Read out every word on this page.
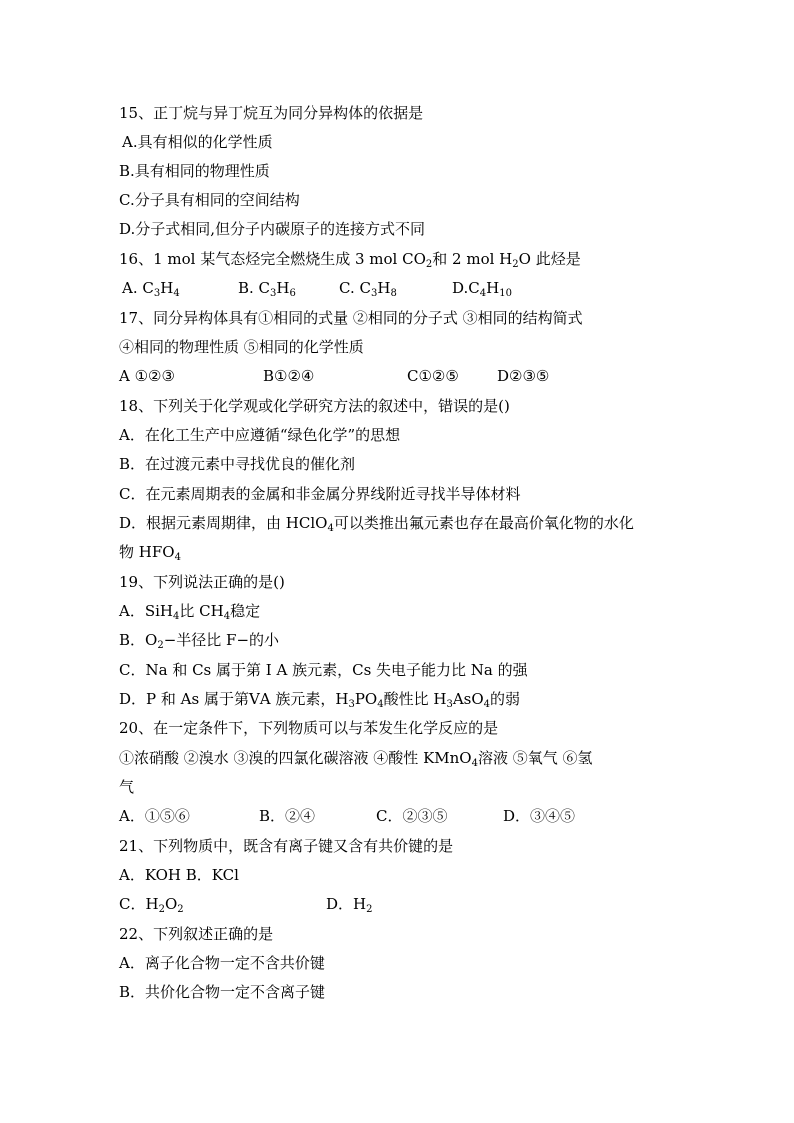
15、正丁烷与异丁烷互为同分异构体的依据是
A.具有相似的化学性质
B.具有相同的物理性质
C.分子具有相同的空间结构
D.分子式相同,但分子内碳原子的连接方式不同
16、1 mol 某气态烃完全燃烧生成 3 mol $CO_2$和 2 mol $H_2O$ 此烃是
A. $C_3H_4$	B. $C_3H_6$	C. $C_3H_8$	$D.C_4H_{10}$
17、同分异构体具有①相同的式量 ②相同的分子式 ③相同的结构简式
④相同的物理性质 ⑤相同的化学性质
A ①②③	B①②④	C①②⑤	D②③⑤
18、下列关于化学观或化学研究方法的叙述中，错误的是()
A．在化工生产中应遵循“绿色化学”的思想
B．在过渡元素中寻找优良的催化剂
C．在元素周期表的金属和非金属分界线附近寻找半导体材料
D．根据元素周期律，由 HClO$_4$可以类推出氟元素也存在最高价氧化物的水化
物 $HFO_4$
19、下列说法正确的是()
A．SiH$_4$比 $CH_4$稳定
B．$O_2-$半径比 F−的小
C．Na 和 Cs 属于第 I A 族元素，Cs 失电子能力比 Na 的强
D．P 和 As 属于第ⅤA 族元素，$H_3PO_4$酸性比 $H_3AsO_4$的弱
20、在一定条件下，下列物质可以与苯发生化学反应的是
①浓硝酸 ②溴水 ③溴的四氯化碳溶液 ④酸性 KMnO$_4$溶液 ⑤氧气 ⑥氢
气
A．①⑤⑥	B．②④	C．②③⑤	D．③④⑤
21、下列物质中，既含有离子键又含有共价键的是
A．KOH B．KCl
C．$H_2O_2$	D．$H_2$
22、下列叙述正确的是
A．离子化合物一定不含共价键
B．共价化合物一定不含离子键
